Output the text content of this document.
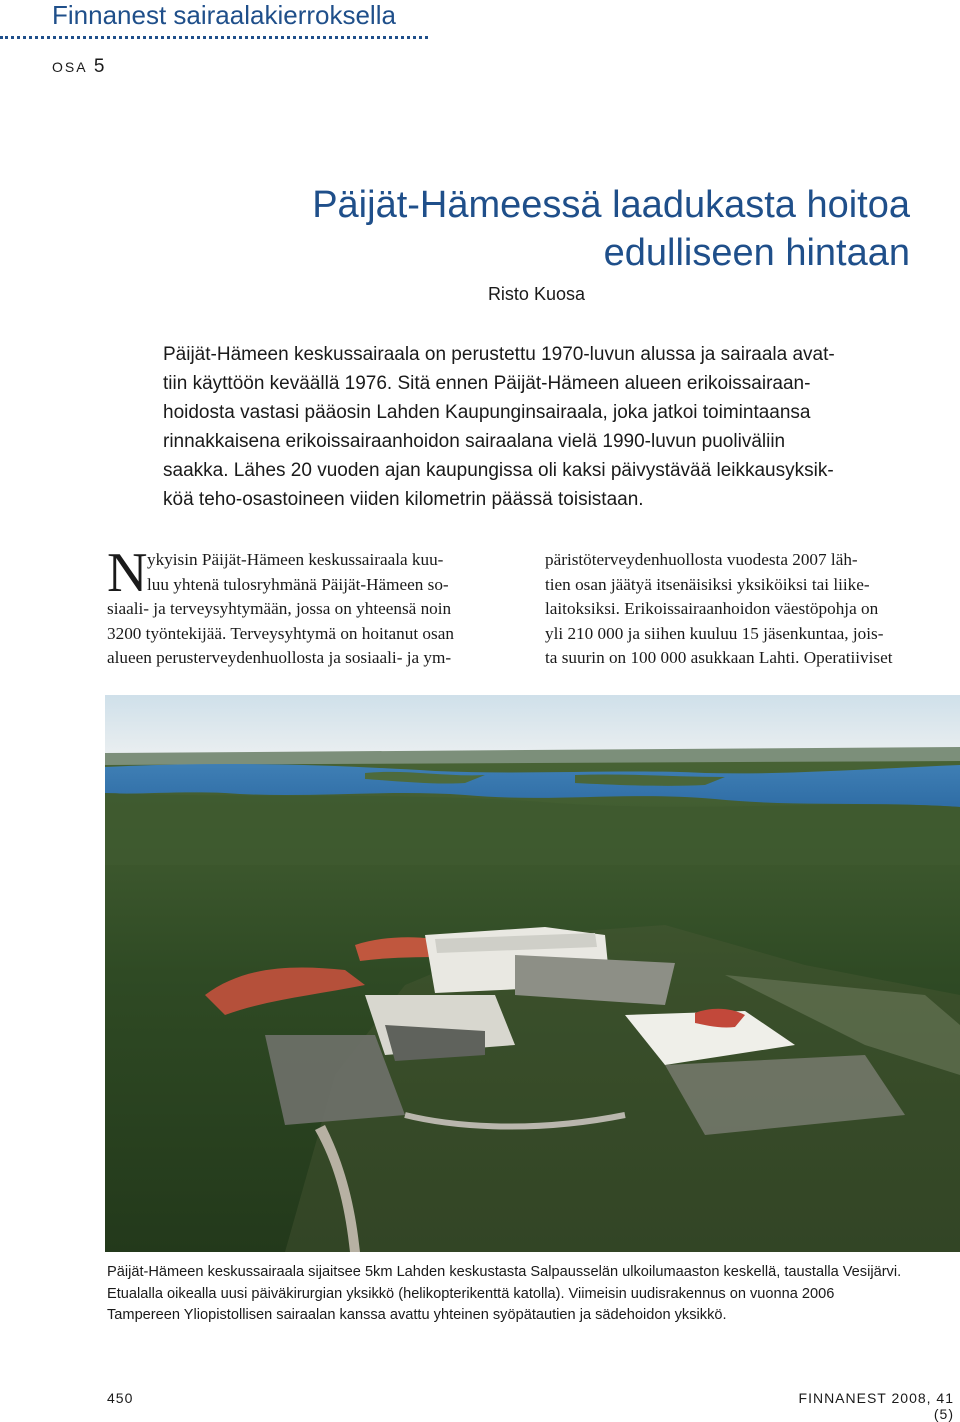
Finnanest sairaalakierroksella
OSA 5
Päijät-Hämeessä laadukasta hoitoa
edulliseen hintaan
Risto Kuosa
Päijät-Hämeen keskussairaala on perustettu 1970-luvun alussa ja sairaala avat-
tiin käyttöön keväällä 1976. Sitä ennen Päijät-Hämeen alueen erikoissairaan-
hoidosta vastasi pääosin Lahden Kaupunginsairaala, joka jatkoi toimintaansa
rinnakkaisena erikoissairaanhoidon sairaalana vielä 1990-luvun puoliväliin
saakka. Lähes 20 vuoden ajan kaupungissa oli kaksi päivystävää leikkausyksik-
köä teho-osastoineen viiden kilometrin päässä toisistaan.
N ykyisin Päijät-Hämeen keskussairaala kuu-
luu yhtenä tulosryhmänä Päijät-Hämeen so-
siaali- ja terveysyhtymään, jossa on yhteensä noin
3200 työntekijää. Terveysyhtymä on hoitanut osan
alueen perusterveydenhuollosta ja sosiaali- ja ym-
päristöterveydenhuollosta vuodesta 2007 läh-
tien osan jäätyä itsenäisiksi yksiköiksi tai liike-
laitoksiksi. Erikoissairaanhoidon väestöpohja on
yli 210 000 ja siihen kuuluu 15 jäsenkuntaa, jois-
ta suurin on 100 000 asukkaan Lahti. Operatiiviset
Päijät-Hämeen keskussairaala sijaitsee 5km Lahden keskustasta Salpausselän ulkoilumaaston keskellä, taustalla Vesijärvi.
Etualalla oikealla uusi päiväkirurgian yksikkö (helikopterikenttä katolla). Viimeisin uudisrakennus on vuonna 2006
Tampereen Yliopistollisen sairaalan kanssa avattu yhteinen syöpätautien ja sädehoidon yksikkö.
450	FINNANEST 2008, 41 (5)
